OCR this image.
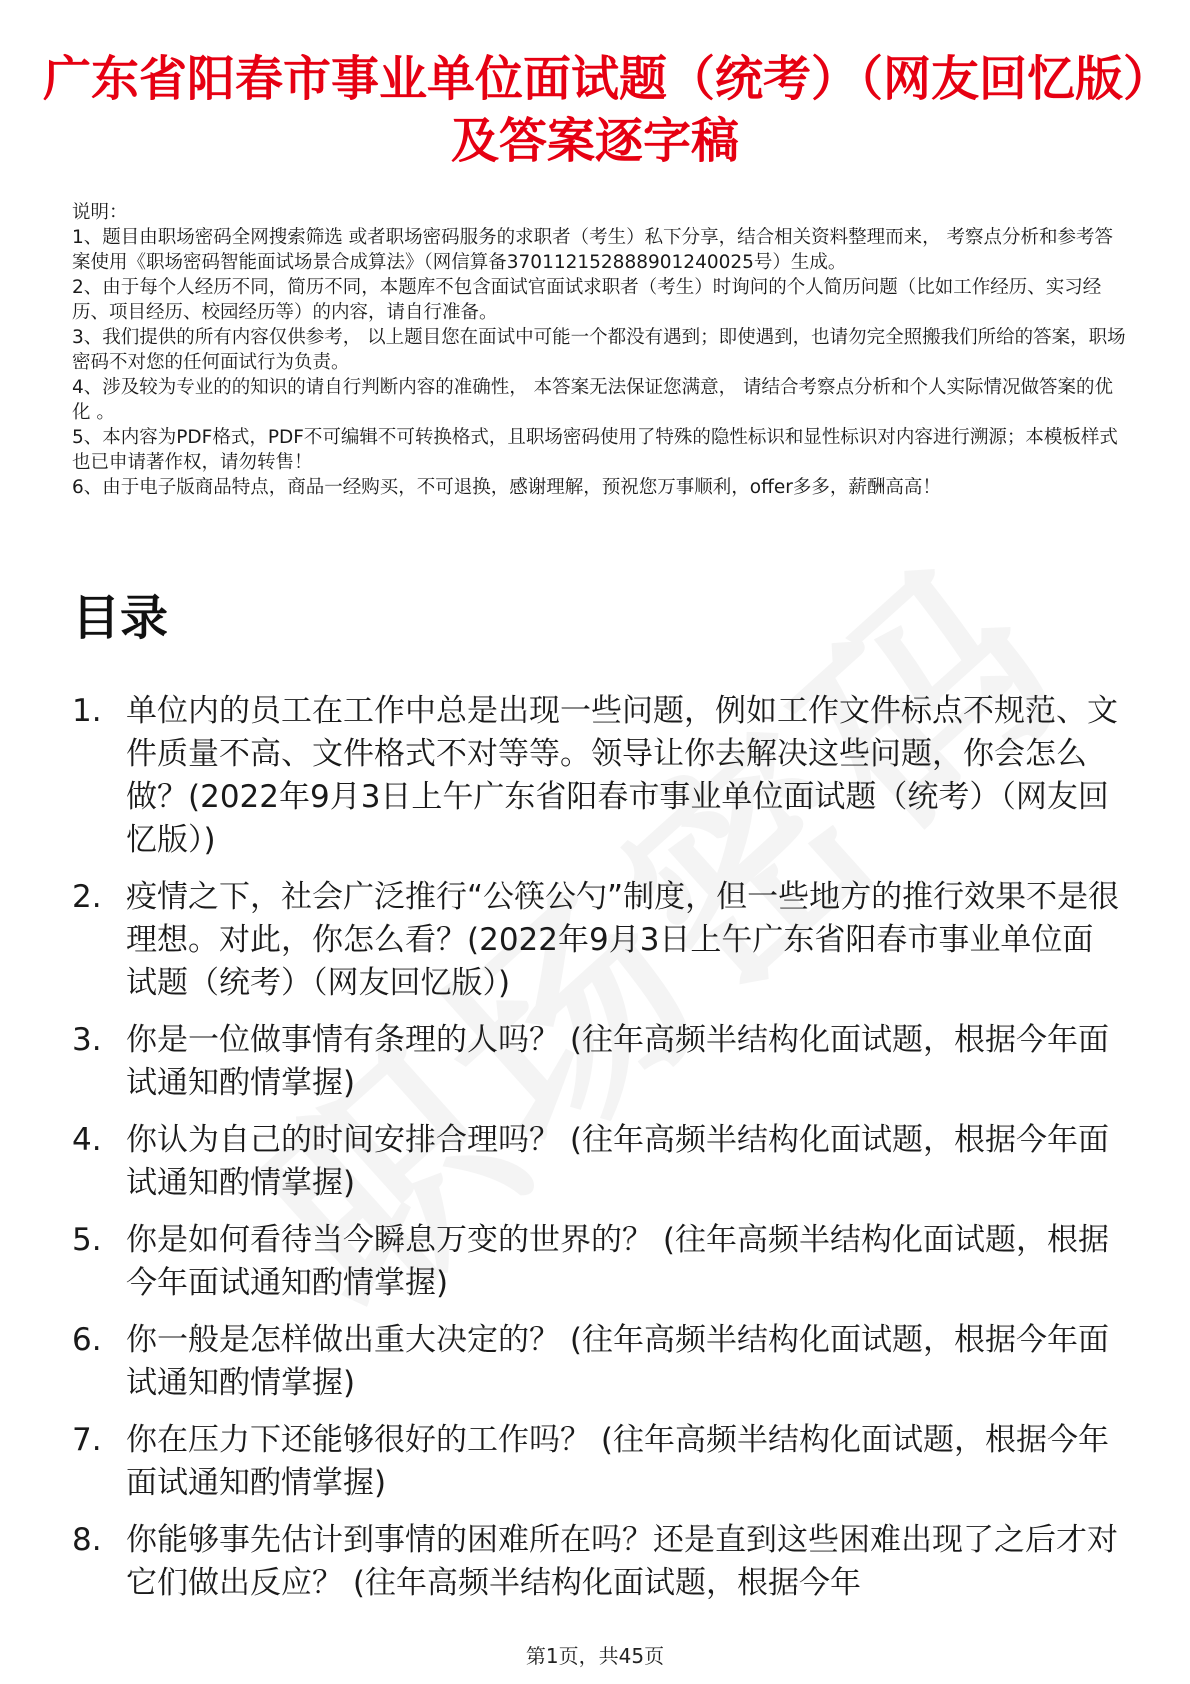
广东省阳春市事业单位面试题（统考）（网友回忆版）及答案逐字稿

说明：

1、题目由职场密码全网搜索筛选 或者职场密码服务的求职者（考生）私下分享，结合相关资料整理而来， 考察点分析和参考答案使用《职场密码智能面试场景合成算法》（网信算备370112152888901240025号）生成。

2、由于每个人经历不同，简历不同，本题库不包含面试官面试求职者（考生）时询问的个人简历问题（比如工作经历、实习经历、项目经历、校园经历等）的内容，请自行准备。

3、我们提供的所有内容仅供参考， 以上题目您在面试中可能一个都没有遇到；即使遇到，也请勿完全照搬我们所给的答案，职场密码不对您的任何面试行为负责。

4、涉及较为专业的的知识的请自行判断内容的准确性， 本答案无法保证您满意， 请结合考察点分析和个人实际情况做答案的优化 。

5、本内容为PDF格式，PDF不可编辑不可转换格式，且职场密码使用了特殊的隐性标识和显性标识对内容进行溯源；本模板样式也已申请著作权，请勿转售！

6、由于电子版商品特点，商品一经购买，不可退换，感谢理解，预祝您万事顺利，offer多多，薪酬高高！

目录
1. 单位内的员工在工作中总是出现一些问题，例如工作文件标点不规范、文件质量不高、文件格式不对等等。领导让你去解决这些问题，你会怎么做？(2022年9月3日上午广东省阳春市事业单位面试题（统考）（网友回忆版）)
2. 疫情之下，社会广泛推行“公筷公勺”制度，但一些地方的推行效果不是很理想。对此，你怎么看？(2022年9月3日上午广东省阳春市事业单位面试题（统考）（网友回忆版）)
3. 你是一位做事情有条理的人吗？ (往年高频半结构化面试题，根据今年面试通知酌情掌握)
4. 你认为自己的时间安排合理吗？ (往年高频半结构化面试题，根据今年面试通知酌情掌握)
5. 你是如何看待当今瞬息万变的世界的？ (往年高频半结构化面试题，根据今年面试通知酌情掌握)
6. 你一般是怎样做出重大决定的？ (往年高频半结构化面试题，根据今年面试通知酌情掌握)
7. 你在压力下还能够很好的工作吗？ (往年高频半结构化面试题，根据今年面试通知酌情掌握)
8. 你能够事先估计到事情的困难所在吗？还是直到这些困难出现了之后才对它们做出反应？ (往年高频半结构化面试题，根据今年
第1页，共45页
